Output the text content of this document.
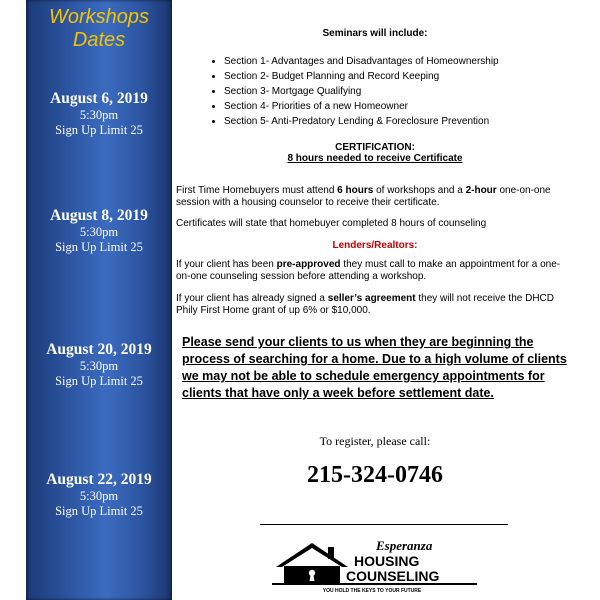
Workshops
Dates
August 6, 2019
5:30pm
Sign Up Limit 25
August 8, 2019
5:30pm
Sign Up Limit 25
August 20, 2019
5:30pm
Sign Up Limit 25
August 22, 2019
5:30pm
Sign Up Limit 25
Seminars will include:
• Section 1- Advantages and Disadvantages of Homeownership
• Section 2- Budget Planning and Record Keeping
• Section 3- Mortgage Qualifying
• Section 4- Priorities of a new Homeowner
• Section 5- Anti-Predatory Lending & Foreclosure Prevention
CERTIFICATION:
8 hours needed to receive Certificate
First Time Homebuyers must attend 6 hours of workshops and a 2-hour one-on-one session with a housing counselor to receive their certificate.
Certificates will state that homebuyer completed 8 hours of counseling
Lenders/Realtors:
If your client has been pre-approved they must call to make an appointment for a one-on-one counseling session before attending a workshop.
If your client has already signed a seller’s agreement they will not receive the DHCD Phily First Home grant of up 6% or $10,000.
Please send your clients to us when they are beginning the process of searching for a home. Due to a high volume of clients we may not be able to schedule emergency appointments for clients that have only a week before settlement date.
To register, please call:
215-324-0746
Esperanza
HOUSING
COUNSELING
YOU HOLD THE KEYS TO YOUR FUTURE
